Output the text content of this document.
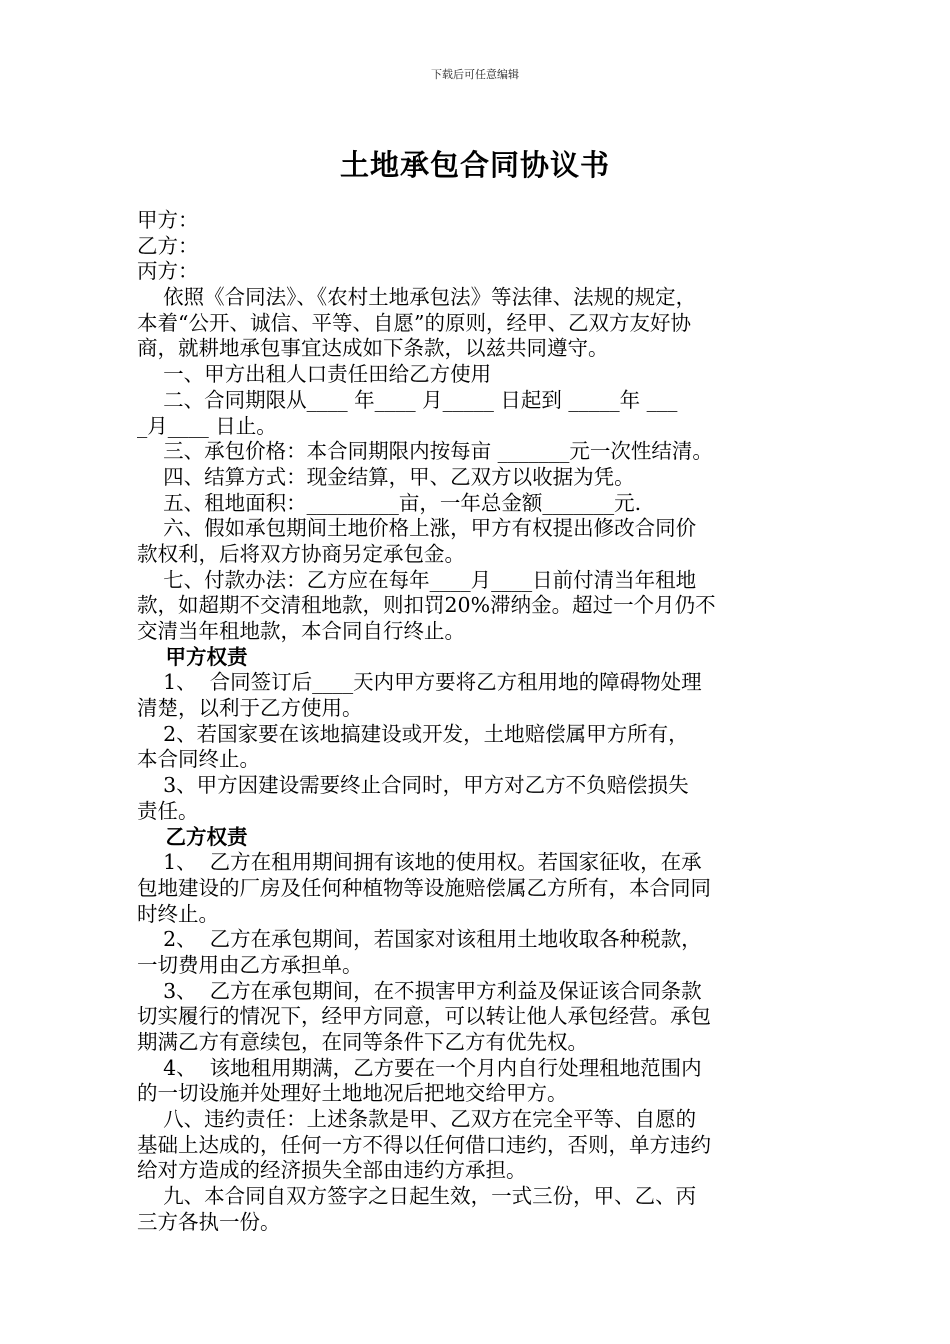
下载后可任意编辑
土地承包合同协议书
甲方：
乙方：
丙方：
依照《合同法》、《农村土地承包法》等法律、法规的规定，
本着“公开、诚信、平等、自愿”的原则，经甲、乙双方友好协
商，就耕地承包事宜达成如下条款，以兹共同遵守。
一、甲方出租人口责任田给乙方使用
二、合同期限从____ 年____ 月_____ 日起到 _____年 ___
_月____ 日止。
三、承包价格：本合同期限内按每亩 _______元一次性结清。
四、结算方式：现金结算，甲、乙双方以收据为凭。
五、租地面积：_________亩，一年总金额_______元.
六、假如承包期间土地价格上涨，甲方有权提出修改合同价
款权利，后将双方协商另定承包金。
七、付款办法：乙方应在每年____月____日前付清当年租地
款，如超期不交清租地款，则扣罚20%滞纳金。超过一个月仍不
交清当年租地款，本合同自行终止。
甲方权责
1、  合同签订后____天内甲方要将乙方租用地的障碍物处理
清楚，以利于乙方使用。
2、若国家要在该地搞建设或开发，土地赔偿属甲方所有，
本合同终止。
3、甲方因建设需要终止合同时，甲方对乙方不负赔偿损失
责任。
乙方权责
1、  乙方在租用期间拥有该地的使用权。若国家征收，在承
包地建设的厂房及任何种植物等设施赔偿属乙方所有，本合同同
时终止。
2、  乙方在承包期间，若国家对该租用土地收取各种税款，
一切费用由乙方承担单。
3、  乙方在承包期间，在不损害甲方利益及保证该合同条款
切实履行的情况下，经甲方同意，可以转让他人承包经营。承包
期满乙方有意续包，在同等条件下乙方有优先权。
4、  该地租用期满，乙方要在一个月内自行处理租地范围内
的一切设施并处理好土地地况后把地交给甲方。
八、违约责任：上述条款是甲、乙双方在完全平等、自愿的
基础上达成的，任何一方不得以任何借口违约，否则，单方违约
给对方造成的经济损失全部由违约方承担。
九、本合同自双方签字之日起生效，一式三份，甲、乙、丙
三方各执一份。
